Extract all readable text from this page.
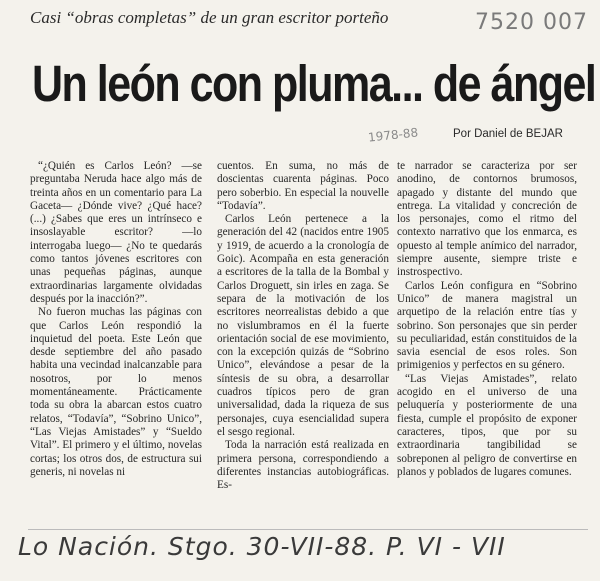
Casi “obras completas” de un gran escritor porteño	7520 007
Un león con pluma... de ángel
1978-88	Por Daniel de BEJAR

“¿Quién es Carlos León? —se preguntaba Neruda hace algo más de treinta años en un comentario para La Gaceta— ¿Dónde vive? ¿Qué hace? (...) ¿Sabes que eres un intrínseco e insoslayable escritor? —lo interrogaba luego— ¿No te quedarás como tantos jóvenes escritores con unas pequeñas páginas, aunque extraordinarias largamente olvidadas después por la inacción?”.

No fueron muchas las páginas con que Carlos León respondió la inquietud del poeta. Este León que desde septiembre del año pasado habita una vecindad inalcanzable para nosotros, por lo menos momentáneamente. Prácticamente toda su obra la abarcan estos cuatro relatos, “Todavía”, “Sobrino Unico”, “Las Viejas Amistades” y “Sueldo Vital”. El primero y el último, novelas cortas; los otros dos, de estructura sui generis, ni novelas ni

cuentos. En suma, no más de doscientas cuarenta páginas. Poco pero soberbio. En especial la nouvelle “Todavía”.

Carlos León pertenece a la generación del 42 (nacidos entre 1905 y 1919, de acuerdo a la cronología de Goic). Acompaña en esta generación a escritores de la talla de la Bombal y Carlos Droguett, sin irles en zaga. Se separa de la motivación de los escritores neorrealistas debido a que no vislumbramos en él la fuerte orientación social de ese movimiento, con la excepción quizás de “Sobrino Unico”, elevándose a pesar de la síntesis de su obra, a desarrollar cuadros típicos pero de gran universalidad, dada la riqueza de sus personajes, cuya esencialidad supera el sesgo regional.

Toda la narración está realizada en primera persona, correspondiendo a diferentes instancias autobiográficas. Es-

te narrador se caracteriza por ser anodino, de contornos brumosos, apagado y distante del mundo que entrega. La vitalidad y concreción de los personajes, como el ritmo del contexto narrativo que los enmarca, es opuesto al temple anímico del narrador, siempre ausente, siempre triste e instrospectivo.

Carlos León configura en “Sobrino Unico” de manera magistral un arquetipo de la relación entre tías y sobrino. Son personajes que sin perder su peculiaridad, están constituidos de la savia esencial de esos roles. Son primigenios y perfectos en su género.

“Las Viejas Amistades”, relato acogido en el universo de una peluquería y posteriormente de una fiesta, cumple el propósito de exponer caracteres, tipos, que por su extraordinaria tangibilidad se sobreponen al peligro de convertirse en planos y poblados de lugares comunes.

Lo Nación. Stgo. 30-VII-88. P. VI - VII
